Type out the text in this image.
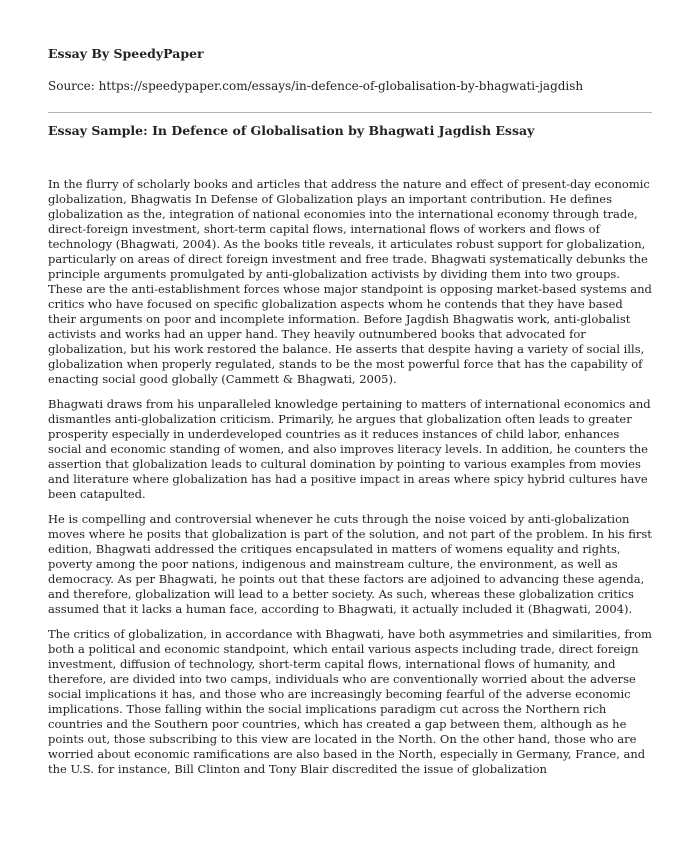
Essay By SpeedyPaper
Source: https://speedypaper.com/essays/in-defence-of-globalisation-by-bhagwati-jagdish
Essay Sample: In Defence of Globalisation by Bhagwati Jagdish Essay

In the flurry of scholarly books and articles that address the nature and effect of present-day economic globalization, Bhagwatis In Defense of Globalization plays an important contribution. He defines globalization as the, integration of national economies into the international economy through trade, direct-foreign investment, short-term capital flows, international flows of workers and flows of technology (Bhagwati, 2004). As the books title reveals, it articulates robust support for globalization, particularly on areas of direct foreign investment and free trade. Bhagwati systematically debunks the principle arguments promulgated by anti-globalization activists by dividing them into two groups. These are the anti-establishment forces whose major standpoint is opposing market-based systems and critics who have focused on specific globalization aspects whom he contends that they have based their arguments on poor and incomplete information. Before Jagdish Bhagwatis work, anti-globalist activists and works had an upper hand. They heavily outnumbered books that advocated for globalization, but his work restored the balance. He asserts that despite having a variety of social ills, globalization when properly regulated, stands to be the most powerful force that has the capability of enacting social good globally (Cammett & Bhagwati, 2005).

Bhagwati draws from his unparalleled knowledge pertaining to matters of international economics and dismantles anti-globalization criticism. Primarily, he argues that globalization often leads to greater prosperity especially in underdeveloped countries as it reduces instances of child labor, enhances social and economic standing of women, and also improves literacy levels. In addition, he counters the assertion that globalization leads to cultural domination by pointing to various examples from movies and literature where globalization has had a positive impact in areas where spicy hybrid cultures have been catapulted.

He is compelling and controversial whenever he cuts through the noise voiced by anti-globalization moves where he posits that globalization is part of the solution, and not part of the problem. In his first edition, Bhagwati addressed the critiques encapsulated in matters of womens equality and rights, poverty among the poor nations, indigenous and mainstream culture, the environment, as well as democracy. As per Bhagwati, he points out that these factors are adjoined to advancing these agenda, and therefore, globalization will lead to a better society. As such, whereas these globalization critics assumed that it lacks a human face, according to Bhagwati, it actually included it (Bhagwati, 2004).

The critics of globalization, in accordance with Bhagwati, have both asymmetries and similarities, from both a political and economic standpoint, which entail various aspects including trade, direct foreign investment, diffusion of technology, short-term capital flows, international flows of humanity, and therefore, are divided into two camps, individuals who are conventionally worried about the adverse social implications it has, and those who are increasingly becoming fearful of the adverse economic implications. Those falling within the social implications paradigm cut across the Northern rich countries and the Southern poor countries, which has created a gap between them, although as he points out, those subscribing to this view are located in the North. On the other hand, those who are worried about economic ramifications are also based in the North, especially in Germany, France, and the U.S. for instance, Bill Clinton and Tony Blair discredited the issue of globalization
